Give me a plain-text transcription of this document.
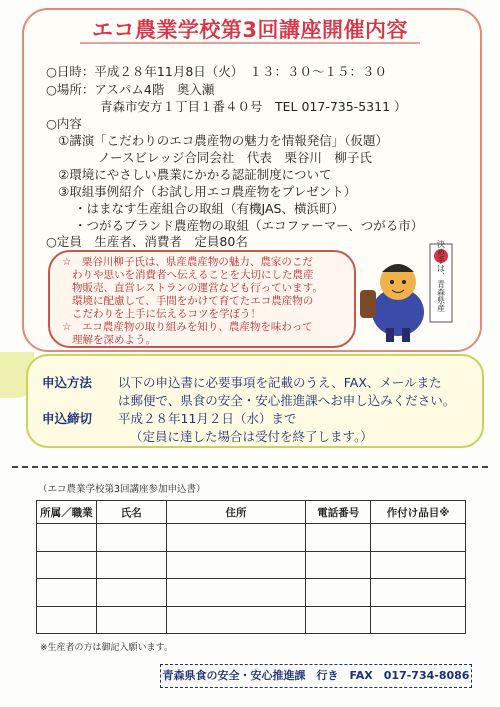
エコ農業学校第3回講座開催内容
○日時：平成２８年11月8日（火）　１３：３０～１５：３０
○場所：アスパム4階　奥入瀬
青森市安方１丁目１番４０号　TEL 017-735-5311 ）
○内容
①講演「こだわりのエコ農産物の魅力を情報発信」（仮題）
ノースビレッジ合同会社　代表　栗谷川　柳子氏
②環境にやさしい農業にかかる認証制度について
③取組事例紹介（お試し用エコ農産物をプレゼント）
・はまなす生産組合の取組（有機JAS、横浜町）
・つがるブランド農産物の取組（エコファーマー、つがる市）
○定員　生産者、消費者　定員80名
☆　栗谷川柳子氏は、県産農産物の魅力、農家のこだ
わりや思いを消費者へ伝えることを大切にした農産
物販売、直営レストランの運営なども行っています。
環境に配慮して、手間をかけて育てたエコ農産物の
こだわりを上手に伝えるコツを学ぼう！
☆　エコ農産物の取り組みを知り、農産物を味わって
理解を深めよう。
決め手は、青森県産
申込方法 以下の申込書に必要事項を記載のうえ、FAX、メールまた
は郵便で、県食の安全・安心推進課へお申し込みください。
申込締切 平成２８年11月２日（水）まで
（定員に達した場合は受付を終了します。）
（エコ農業学校第3回講座参加申込書）
所属／職業	氏名	住所	電話番号	作付け品目※

※生産者の方は御記入願います。
青森県食の安全・安心推進課　行き　FAX　017-734-8086
